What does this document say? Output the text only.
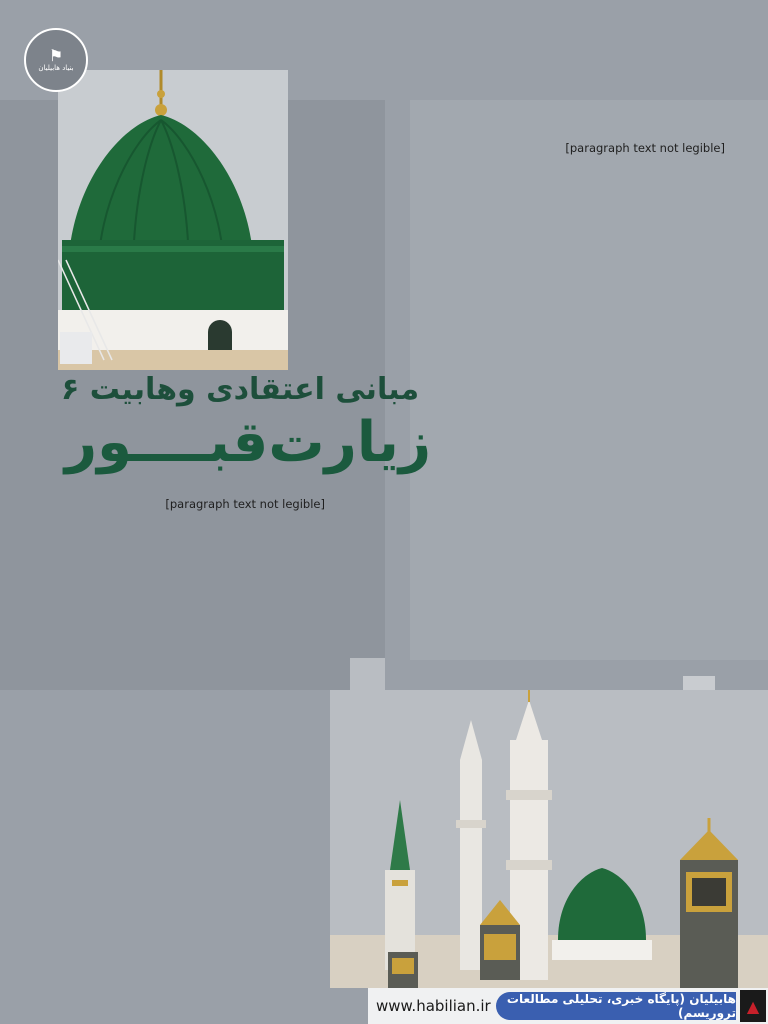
⚑
بنیاد هابیلیان
مبانی اعتقادی وهابیت ۶
زیارت‌قبــــور

[paragraph text not legible]

[paragraph text not legible]

www.habilian.ir	هابیلیان (پایگاه خبری، تحلیلی مطالعات تروریسم) ▲
